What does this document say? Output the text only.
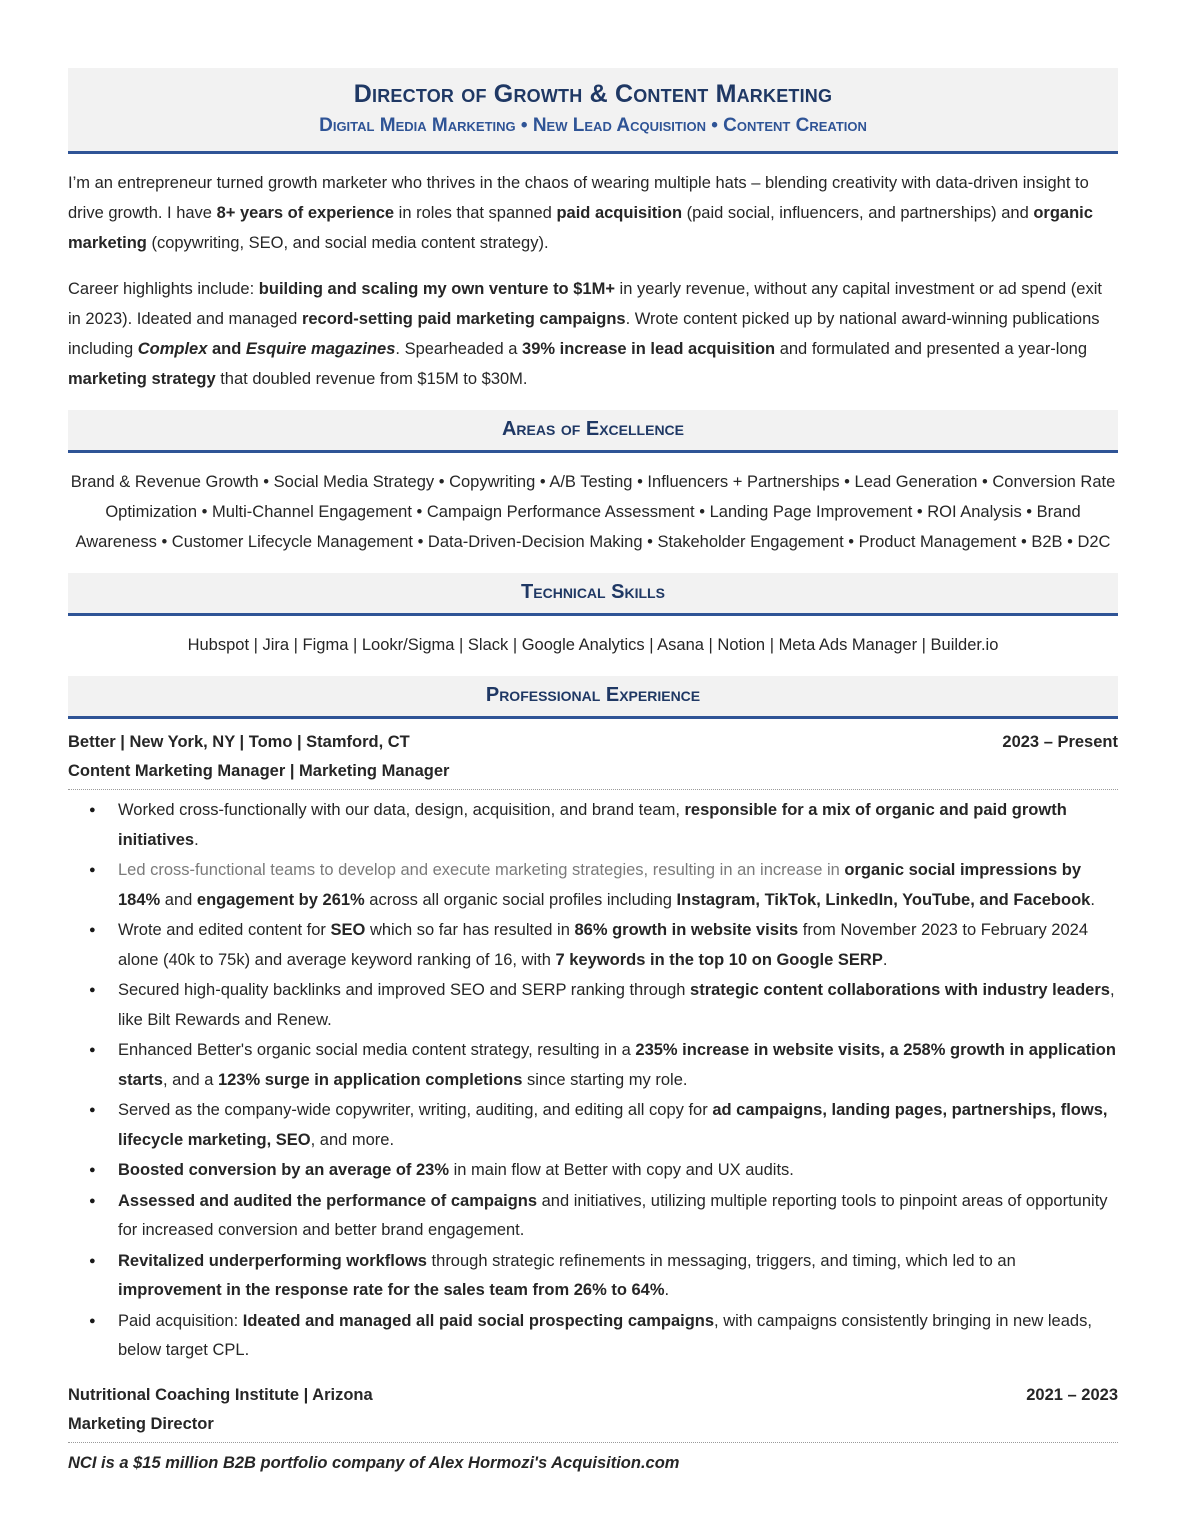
Director of Growth & Content Marketing
Digital Media Marketing • New Lead Acquisition • Content Creation

I’m an entrepreneur turned growth marketer who thrives in the chaos of wearing multiple hats – blending creativity with data-driven insight to drive growth. I have 8+ years of experience in roles that spanned paid acquisition (paid social, influencers, and partnerships) and organic marketing (copywriting, SEO, and social media content strategy).

Career highlights include: building and scaling my own venture to $1M+ in yearly revenue, without any capital investment or ad spend (exit in 2023). Ideated and managed record-setting paid marketing campaigns. Wrote content picked up by national award-winning publications including Complex and Esquire magazines. Spearheaded a 39% increase in lead acquisition and formulated and presented a year-long marketing strategy that doubled revenue from $15M to $30M.

Areas of Excellence

Brand & Revenue Growth • Social Media Strategy • Copywriting • A/B Testing • Influencers + Partnerships • Lead Generation • Conversion Rate Optimization • Multi-Channel Engagement • Campaign Performance Assessment • Landing Page Improvement • ROI Analysis • Brand Awareness • Customer Lifecycle Management • Data-Driven-Decision Making • Stakeholder Engagement • Product Management • B2B • D2C

Technical Skills

Hubspot | Jira | Figma | Lookr/Sigma | Slack | Google Analytics | Asana | Notion | Meta Ads Manager | Builder.io

Professional Experience
Better | New York, NY | Tomo | Stamford, CT	2023 – Present
Content Marketing Manager | Marketing Manager
● Worked cross-functionally with our data, design, acquisition, and brand team, responsible for a mix of organic and paid growth initiatives.
● Led cross-functional teams to develop and execute marketing strategies, resulting in an increase in organic social impressions by 184% and engagement by 261% across all organic social profiles including Instagram, TikTok, LinkedIn, YouTube, and Facebook.
● Wrote and edited content for SEO which so far has resulted in 86% growth in website visits from November 2023 to February 2024 alone (40k to 75k) and average keyword ranking of 16, with 7 keywords in the top 10 on Google SERP.
● Secured high-quality backlinks and improved SEO and SERP ranking through strategic content collaborations with industry leaders, like Bilt Rewards and Renew.
● Enhanced Better's organic social media content strategy, resulting in a 235% increase in website visits, a 258% growth in application starts, and a 123% surge in application completions since starting my role.
● Served as the company-wide copywriter, writing, auditing, and editing all copy for ad campaigns, landing pages, partnerships, flows, lifecycle marketing, SEO, and more.
● Boosted conversion by an average of 23% in main flow at Better with copy and UX audits.
● Assessed and audited the performance of campaigns and initiatives, utilizing multiple reporting tools to pinpoint areas of opportunity for increased conversion and better brand engagement.
● Revitalized underperforming workflows through strategic refinements in messaging, triggers, and timing, which led to an improvement in the response rate for the sales team from 26% to 64%.
● Paid acquisition: Ideated and managed all paid social prospecting campaigns, with campaigns consistently bringing in new leads, below target CPL.
Nutritional Coaching Institute | Arizona	2021 – 2023
Marketing Director
NCI is a $15 million B2B portfolio company of Alex Hormozi's Acquisition.com
